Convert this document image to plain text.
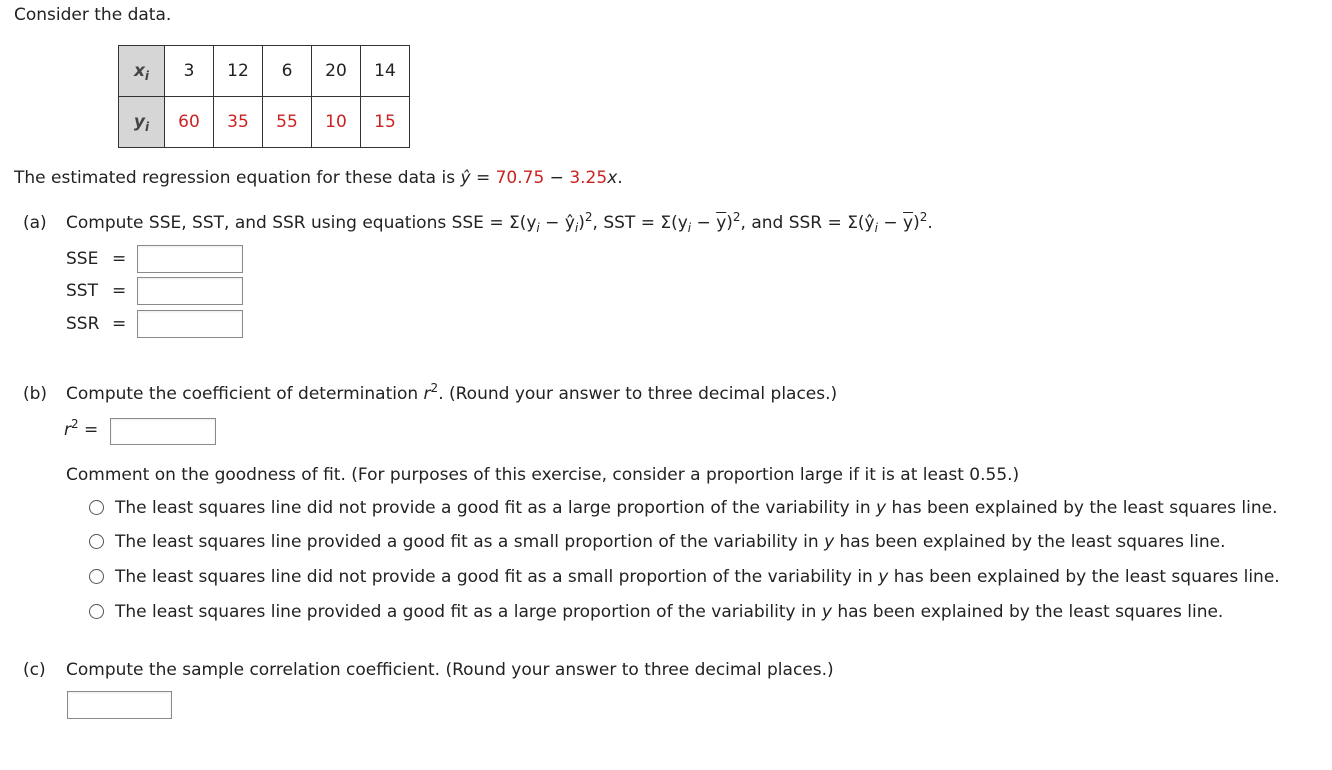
Consider the data.
$x_i$	3	12	6	20	14
$y_i$	60	35	55	10	15
The estimated regression equation for these data is ŷ = 70.75 − 3.25x.
(a) Compute SSE, SST, and SSR using equations SSE = $\Sigma(y_i$ − $ŷ_i)^2$, SST = $\Sigma(y_i - \overline{y})^2$, and SSR = $\Sigma(ŷ_i - \overline{y})^2$.
SSE =
SST =
SSR =
(b) Compute the coefficient of determination $r^2$. (Round your answer to three decimal places.)
$r^2$ =
Comment on the goodness of fit. (For purposes of this exercise, consider a proportion large if it is at least 0.55.)
The least squares line did not provide a good fit as a large proportion of the variability in y has been explained by the least squares line.
The least squares line provided a good fit as a small proportion of the variability in y has been explained by the least squares line.
The least squares line did not provide a good fit as a small proportion of the variability in y has been explained by the least squares line.
The least squares line provided a good fit as a large proportion of the variability in y has been explained by the least squares line.
(c) Compute the sample correlation coefficient. (Round your answer to three decimal places.)
